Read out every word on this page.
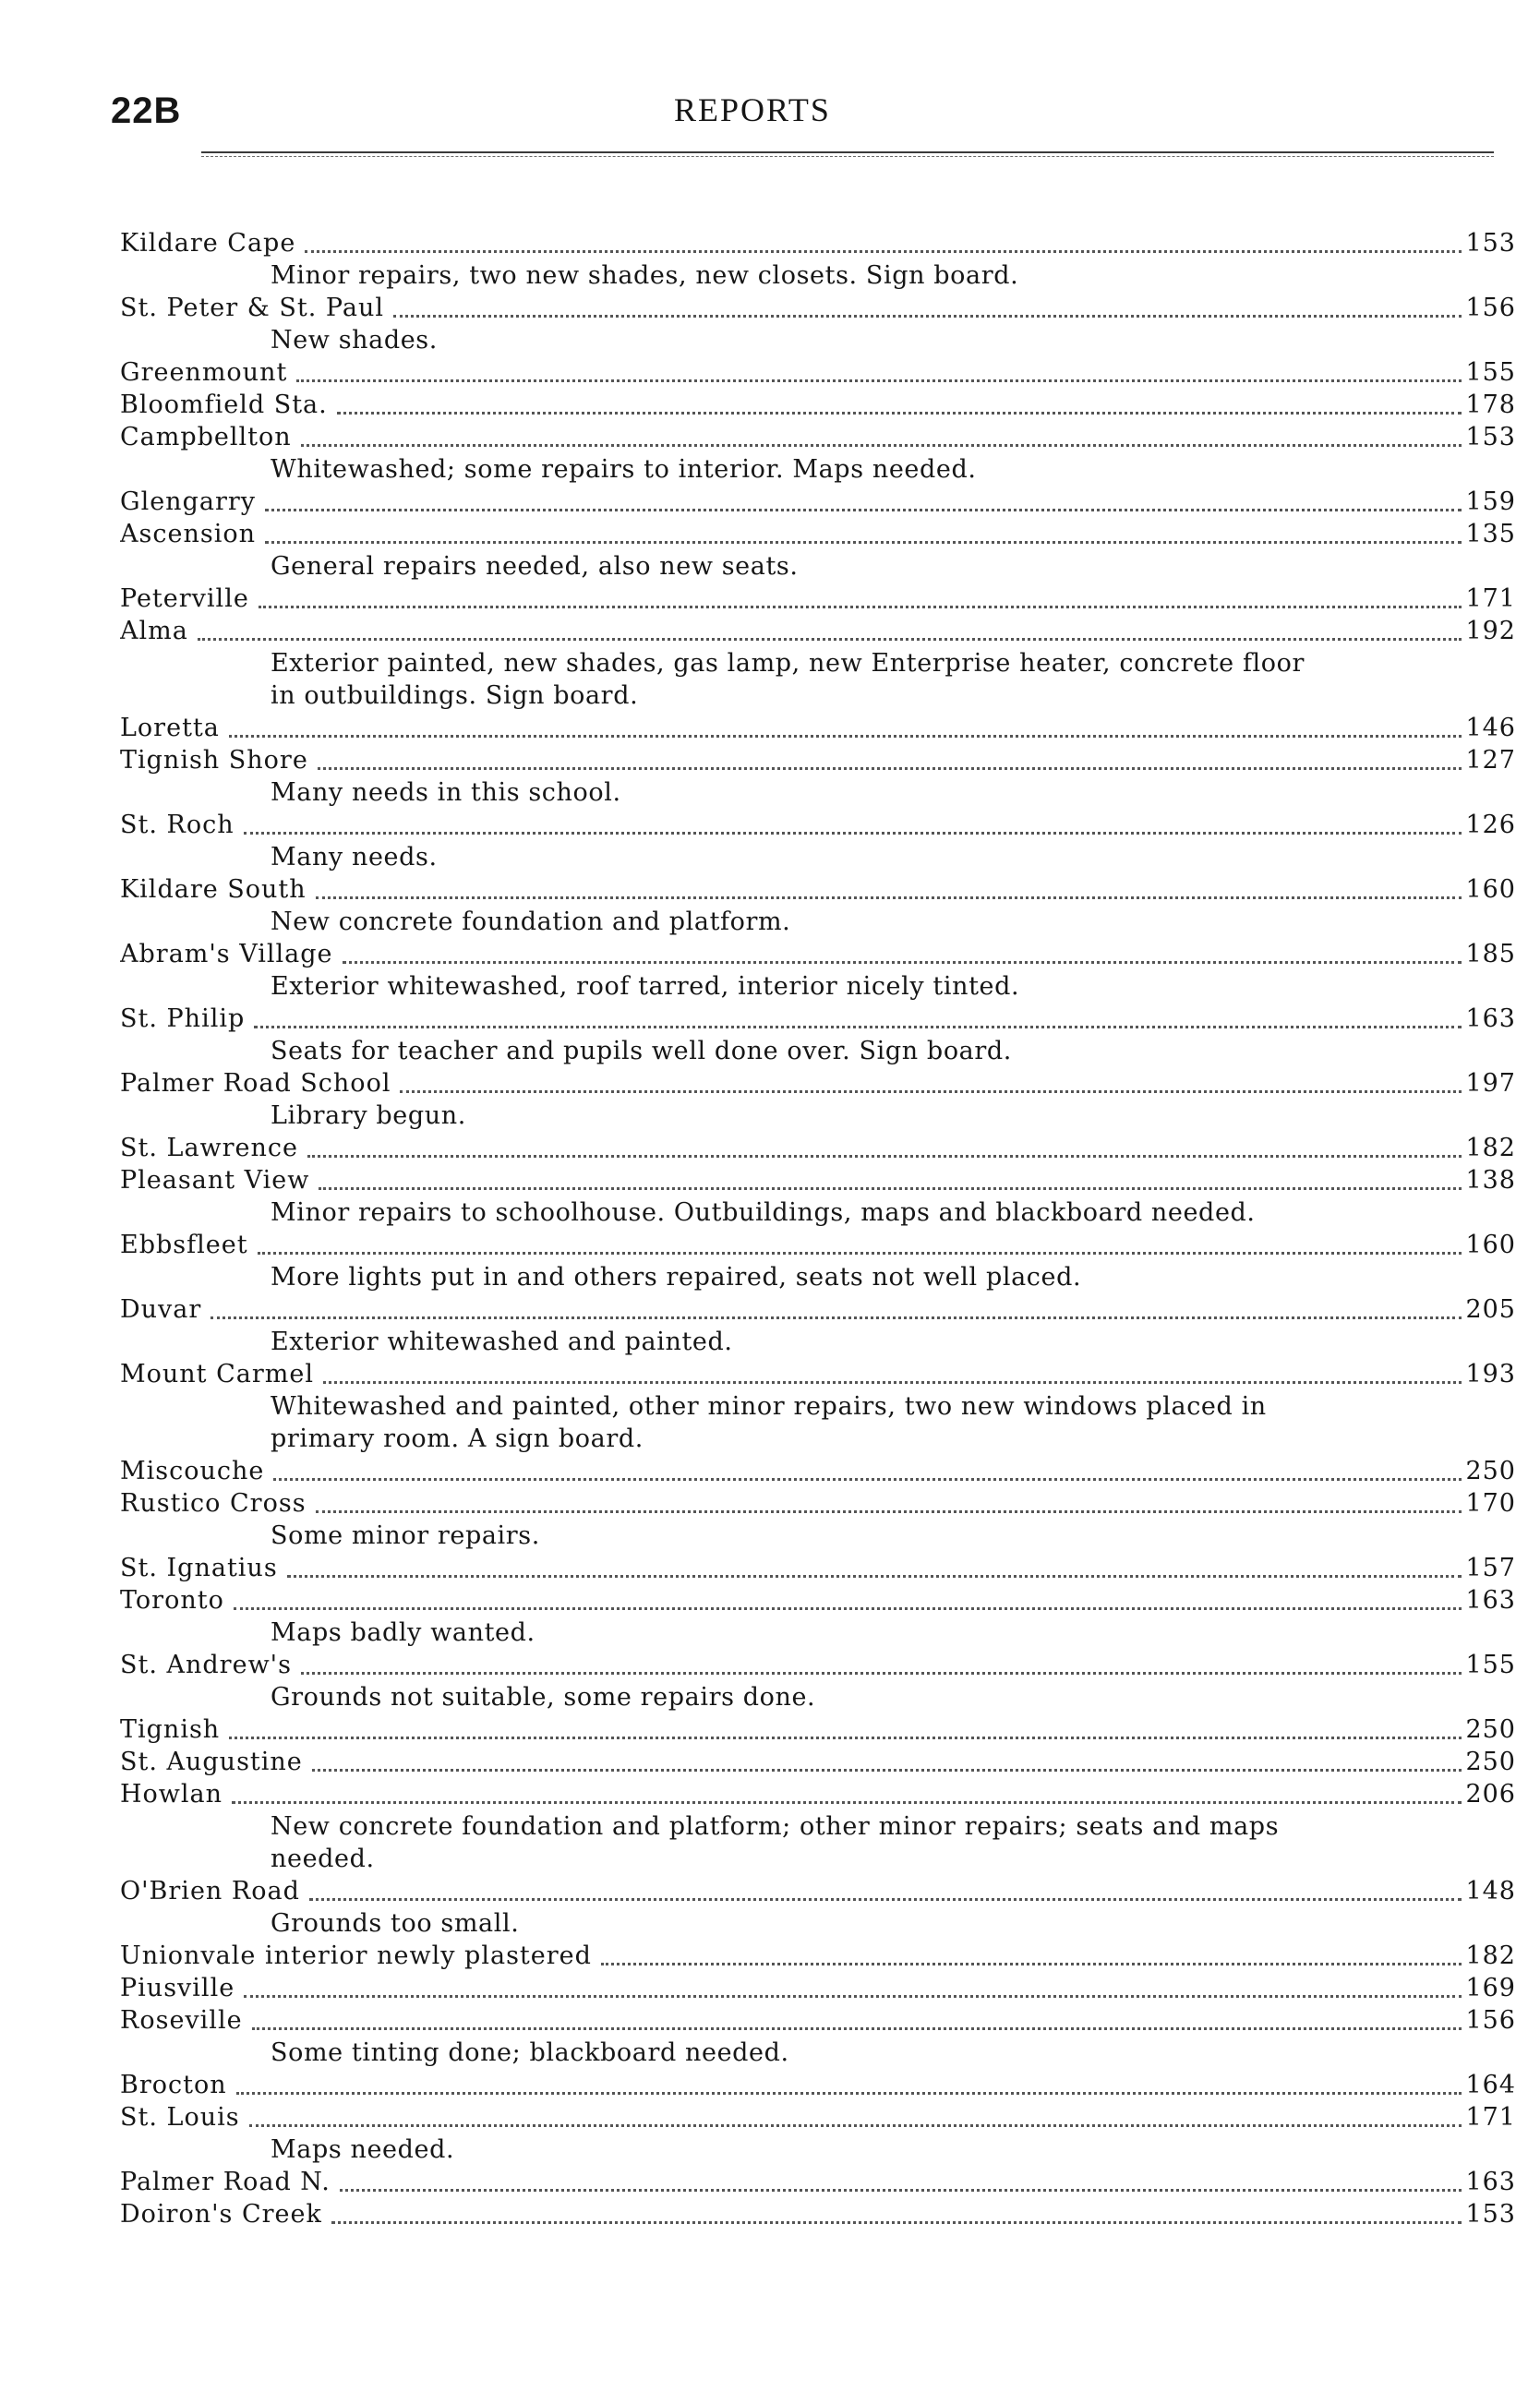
22B	REPORTS
Kildare Cape	153
Minor repairs, two new shades, new closets. Sign board.
St. Peter & St. Paul	156
New shades.
Greenmount	155
Bloomfield Sta.	178
Campbellton	153
Whitewashed; some repairs to interior. Maps needed.
Glengarry	159
Ascension	135
General repairs needed, also new seats.
Peterville	171
Alma	192
Exterior painted, new shades, gas lamp, new Enterprise heater, concrete floor
in outbuildings. Sign board.
Loretta	146
Tignish Shore	127
Many needs in this school.
St. Roch	126
Many needs.
Kildare South	160
New concrete foundation and platform.
Abram's Village	185
Exterior whitewashed, roof tarred, interior nicely tinted.
St. Philip	163
Seats for teacher and pupils well done over. Sign board.
Palmer Road School	197
Library begun.
St. Lawrence	182
Pleasant View	138
Minor repairs to schoolhouse. Outbuildings, maps and blackboard needed.
Ebbsfleet	160
More lights put in and others repaired, seats not well placed.
Duvar	205
Exterior whitewashed and painted.
Mount Carmel	193
Whitewashed and painted, other minor repairs, two new windows placed in
primary room. A sign board.
Miscouche	250
Rustico Cross	170
Some minor repairs.
St. Ignatius	157
Toronto	163
Maps badly wanted.
St. Andrew's	155
Grounds not suitable, some repairs done.
Tignish	250
St. Augustine	250
Howlan	206
New concrete foundation and platform; other minor repairs; seats and maps
needed.
O'Brien Road	148
Grounds too small.
Unionvale interior newly plastered	182
Piusville	169
Roseville	156
Some tinting done; blackboard needed.
Brocton	164
St. Louis	171
Maps needed.
Palmer Road N.	163
Doiron's Creek	153
